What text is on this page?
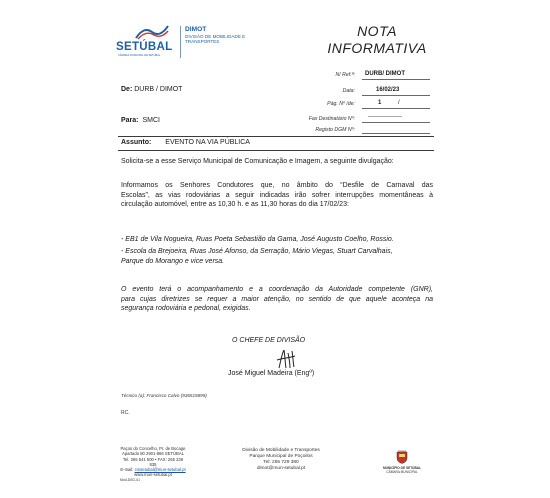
SETÚBAL
CÂMARA MUNICIPAL DE SETÚBAL
DIMOT
DIVISÃO DE MOBILIDADE E TRANSPORTES
NOTA
INFORMATIVA
N/ Ref.ª: DURB/ DIMOT
Data:	16/02/23
Pág. Nº /de:	1	/
Fax Destinatário Nº: -----------------
Registo DGM Nº:
De: DURB / DIMOT
Para: SMCI
Assunto: EVENTO NA VIA PÚBLICA
Solicita-se a esse Serviço Municipal de Comunicação e Imagem, a seguinte divulgação:
Informamos os Senhores Condutores que, no âmbito do “Desfile de Carnaval das
Escolas”, as vias rodoviárias a seguir indicadas irão sofrer interrupções momentâneas à
circulação automóvel, entre as 10,30 h. e as 11,30 horas do dia 17/02/23:
- EB1 de Vila Nogueira, Ruas Poeta Sebastião da Gama, José Augusto Coelho, Rossio.
- Escola da Brejoeira, Ruas José Afonso, da Serração, Mário Viegas, Stuart Carvalhais,
Parque do Morango e vice versa.
O evento terá o acompanhamento e a coordenação da Autoridade competente (GNR),
para cujas diretrizes se requer a maior atenção, no sentido de que aquele aconteça na
segurança rodoviária e pedonal, exigidas.
O CHEFE DE DIVISÃO
José Miguel Madeira (Engº)
Técnico (a): Francisco Calvo (936515899)
RC.
Paços do Concelho, Pr. de Bocage
Apartado 80 2901-866 SETÚBAL
Tel. 265 541 500 • FAX: 265 236 835
E-mail: cmsetubal@mun-setubal.pt
www.mun-setubal.pt
Mod-DSG-01
Divisão de Mobilidade e Transportes
Parque Municipal de Poçoilos
Tel: 265 729 380
dimot@mun-setubal.pt	MUNICÍPIO DE SETÚBAL
CÂMARA MUNICIPAL
